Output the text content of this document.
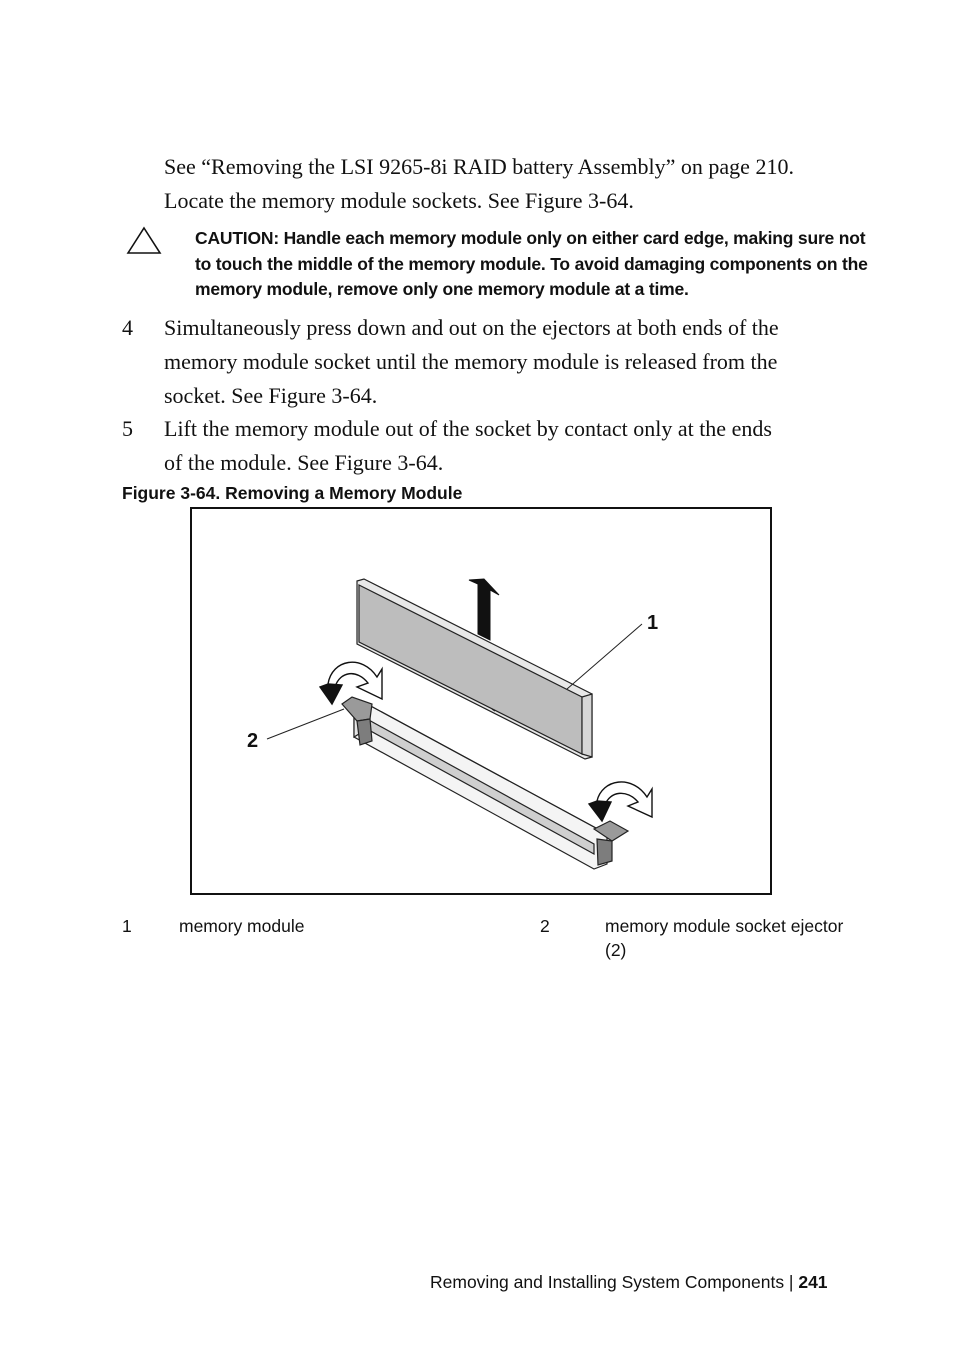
See “Removing the LSI 9265-8i RAID battery Assembly” on page 210.
Locate the memory module sockets. See Figure 3-64.
CAUTION: Handle each memory module only on either card edge, making sure not
to touch the middle of the memory module. To avoid damaging components on the
memory module, remove only one memory module at a time.
4 Simultaneously press down and out on the ejectors at both ends of the
memory module socket until the memory module is released from the
socket. See Figure 3-64.
5 Lift the memory module out of the socket by contact only at the ends
of the module. See Figure 3-64.
Figure 3-64. Removing a Memory Module
1
2
1	memory module	2	memory module socket ejector
(2)
Removing and Installing System Components | 241
